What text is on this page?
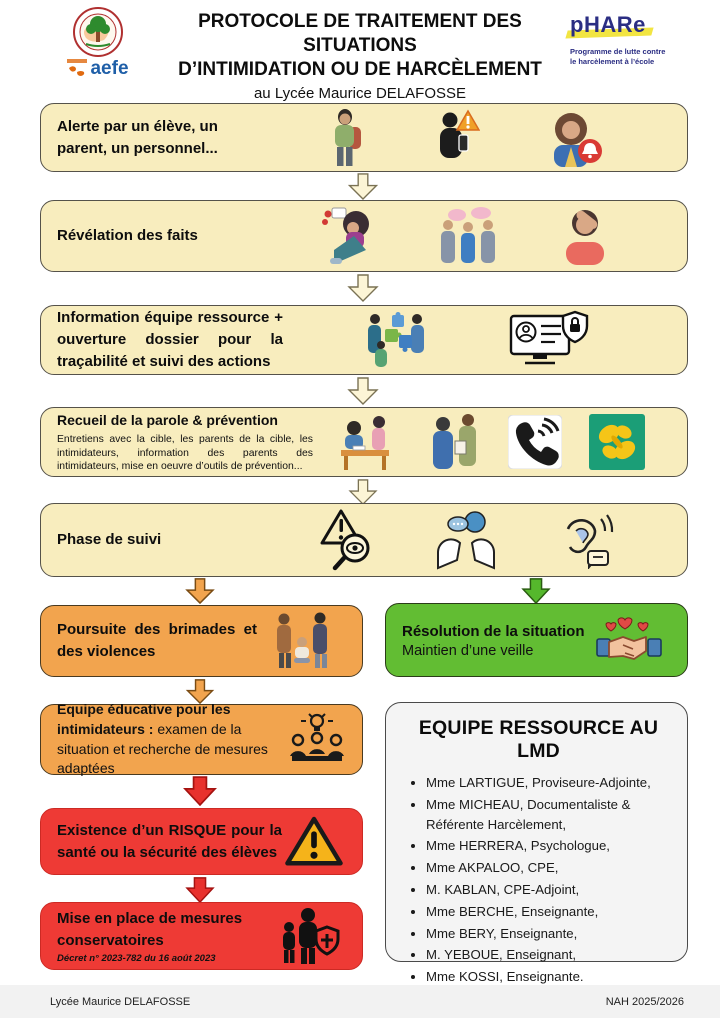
aefe
PROTOCOLE DE TRAITEMENT DES SITUATIONS
D’INTIMIDATION OU DE HARCÈLEMENT
au Lycée Maurice DELAFOSSE
pHARe
Programme de lutte contre
le harcèlement à l’école
Alerte par un élève, un parent, un personnel...
Révélation des faits
Information équipe ressource + ouverture dossier pour la traçabilité et suivi des actions
Recueil de la parole & prévention
Entretiens avec la cible, les parents de la cible, les intimidateurs, information des parents des intimidateurs, mise en oeuvre d’outils de prévention...
Phase de suivi
Poursuite des brimades et des violences
Résolution de la situation
Maintien d’une veille
Equipe éducative pour les intimidateurs : examen de la situation et recherche de mesures adaptées
Existence d’un RISQUE pour la santé ou la sécurité des élèves
Mise en place de mesures conservatoires
Décret n° 2023-782 du 16 août 2023
EQUIPE RESSOURCE AU LMD
• Mme LARTIGUE, Proviseure-Adjointe,
• Mme MICHEAU, Documentaliste & Référente Harcèlement,
• Mme HERRERA, Psychologue,
• Mme AKPALOO, CPE,
• M. KABLAN, CPE-Adjoint,
• Mme BERCHE, Enseignante,
• Mme BERY, Enseignante,
• M. YEBOUE, Enseignant,
• Mme KOSSI, Enseignante.
Lycée Maurice DELAFOSSE	NAH 2025/2026
